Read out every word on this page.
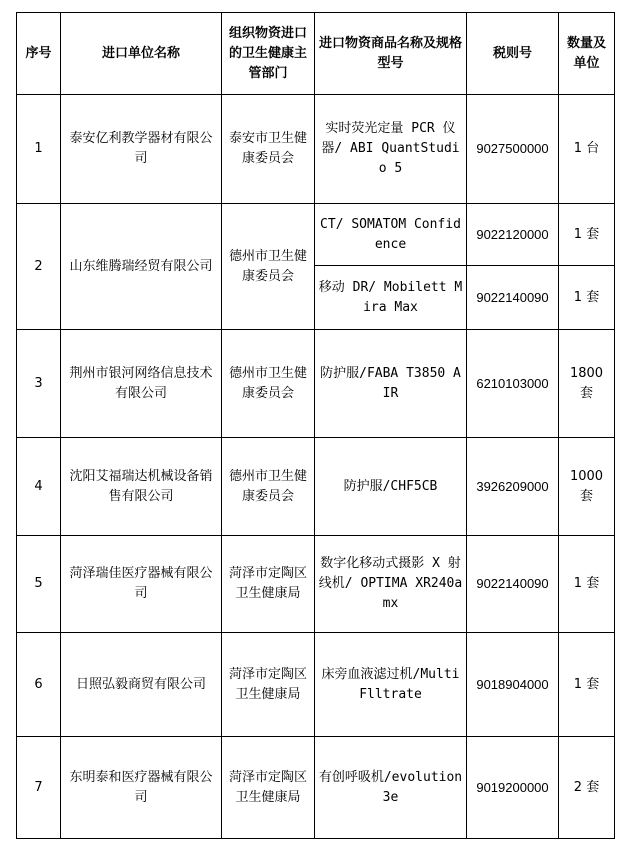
序号	进口单位名称	组织物资进口的卫生健康主管部门	进口物资商品名称及规格型号	税则号	数量及单位
1	泰安亿利教学器材有限公司	泰安市卫生健康委员会	实时荧光定量 PCR 仪器/ ABI QuantStudio 5	9027500000	1 台
2	山东维腾瑞经贸有限公司	德州市卫生健康委员会	CT/ SOMATOM Confidence	9022120000	1 套
			移动 DR/ Mobilett Mira Max	9022140090	1 套
3	荆州市银河网络信息技术有限公司	德州市卫生健康委员会	防护服/FABA T3850 AIR	6210103000	1800 套
4	沈阳艾福瑞达机械设备销售有限公司	德州市卫生健康委员会	防护服/CHF5CB	3926209000	1000 套
5	菏泽瑞佳医疗器械有限公司	菏泽市定陶区卫生健康局	数字化移动式摄影 X 射线机/ OPTIMA XR240amx	9022140090	1 套
6	日照弘毅商贸有限公司	菏泽市定陶区卫生健康局	床旁血液滤过机/MultiFlltrate	9018904000	1 套
7	东明泰和医疗器械有限公司	菏泽市定陶区卫生健康局	有创呼吸机/evolution 3e	9019200000	2 套
